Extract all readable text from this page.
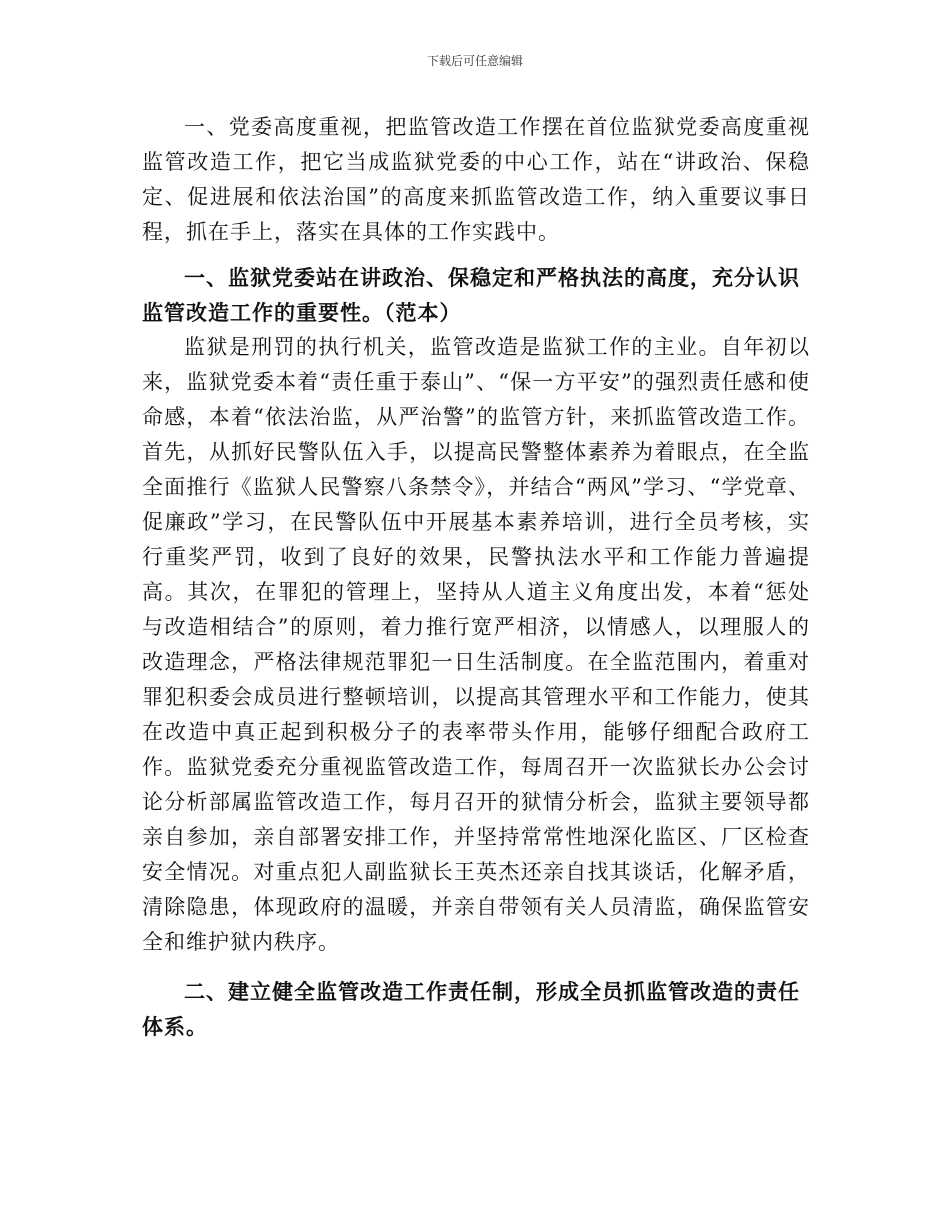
下载后可任意编辑

一、党委高度重视，把监管改造工作摆在首位监狱党委高度重视监管改造工作，把它当成监狱党委的中心工作，站在“讲政治、保稳定、促进展和依法治国”的高度来抓监管改造工作，纳入重要议事日程，抓在手上，落实在具体的工作实践中。

一、监狱党委站在讲政治、保稳定和严格执法的高度，充分认识监管改造工作的重要性。（范本）

监狱是刑罚的执行机关，监管改造是监狱工作的主业。自年初以来，监狱党委本着“责任重于泰山”、“保一方平安”的强烈责任感和使命感，本着“依法治监，从严治警”的监管方针，来抓监管改造工作。首先，从抓好民警队伍入手，以提高民警整体素养为着眼点，在全监全面推行《监狱人民警察八条禁令》，并结合“两风”学习、“学党章、促廉政”学习，在民警队伍中开展基本素养培训，进行全员考核，实行重奖严罚，收到了良好的效果，民警执法水平和工作能力普遍提高。其次，在罪犯的管理上，坚持从人道主义角度出发，本着“惩处与改造相结合”的原则，着力推行宽严相济，以情感人，以理服人的改造理念，严格法律规范罪犯一日生活制度。在全监范围内，着重对罪犯积委会成员进行整顿培训，以提高其管理水平和工作能力，使其在改造中真正起到积极分子的表率带头作用，能够仔细配合政府工作。监狱党委充分重视监管改造工作，每周召开一次监狱长办公会讨论分析部属监管改造工作，每月召开的狱情分析会，监狱主要领导都亲自参加，亲自部署安排工作，并坚持常常性地深化监区、厂区检查安全情况。对重点犯人副监狱长王英杰还亲自找其谈话，化解矛盾，清除隐患，体现政府的温暖，并亲自带领有关人员清监，确保监管安全和维护狱内秩序。

二、建立健全监管改造工作责任制，形成全员抓监管改造的责任体系。
